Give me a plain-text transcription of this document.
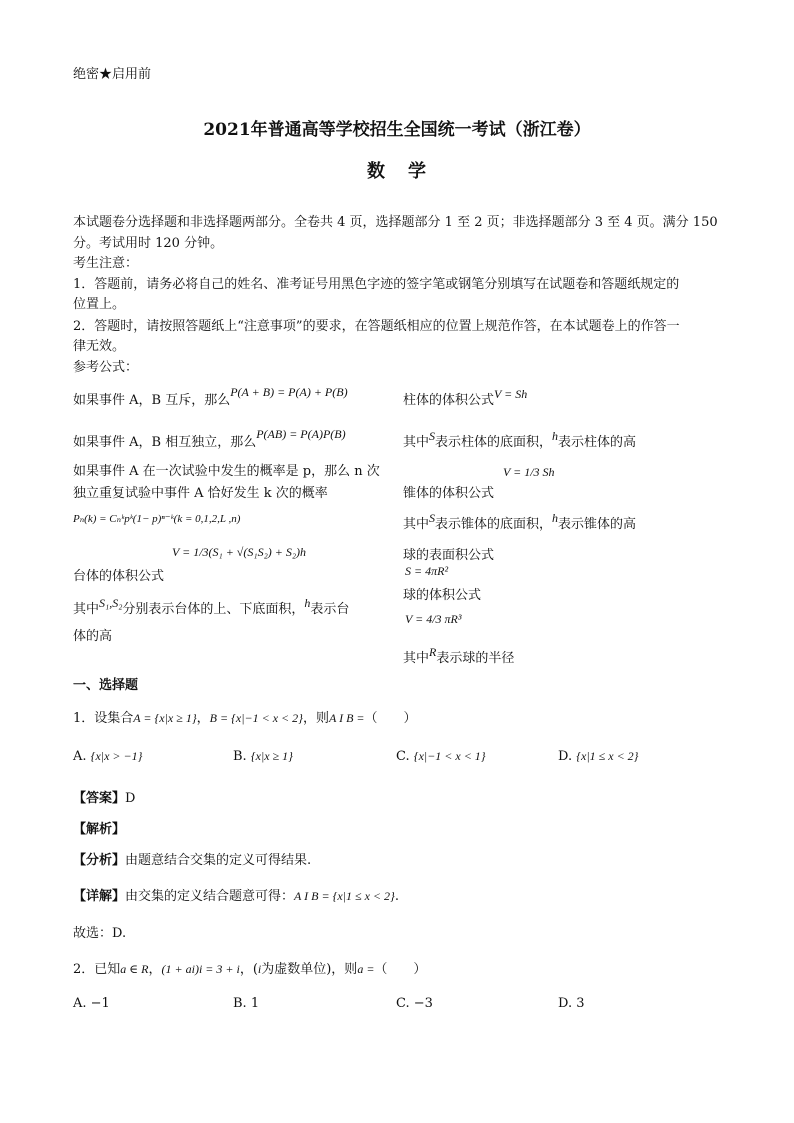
绝密★启用前
2021年普通高等学校招生全国统一考试（浙江卷）
数 学
本试题卷分选择题和非选择题两部分。全卷共 4 页，选择题部分 1 至 2 页；非选择题部分 3 至 4 页。满分 150
分。考试用时 120 分钟。
考生注意：
1．答题前，请务必将自己的姓名、准考证号用黑色字迹的签字笔或钢笔分别填写在试题卷和答题纸规定的
位置上。
2．答题时，请按照答题纸上“注意事项”的要求，在答题纸相应的位置上规范作答，在本试题卷上的作答一
律无效。
参考公式：
如果事件 A，B 互斥，那么P(A + B) = P(A) + P(B)
如果事件 A，B 相互独立，那么P(AB) = P(A)P(B)
如果事件 A 在一次试验中发生的概率是 p，那么 n 次
独立重复试验中事件 A 恰好发生 k 次的概率
Pₙ(k) = Cₙᵏpᵏ(1− p)ⁿ⁻ᵏ(k = 0,1,2,L ,n)
台体的体积公式
V = 1/3(S₁ + √(S₁S₂) + S₂)h
其中S₁,S₂分别表示台体的上、下底面积，h表示台
体的高
柱体的体积公式V = Sh
其中S表示柱体的底面积，h表示柱体的高
V = 1/3 Sh
锥体的体积公式
其中S表示锥体的底面积，h表示锥体的高
球的表面积公式
S = 4πR²
球的体积公式
V = 4/3 πR³
其中R表示球的半径
一、选择题
1．设集合A = {x|x ≥ 1}，B = {x|−1 < x < 2}，则A I B =（　　）
A. {x|x > −1}	B. {x|x ≥ 1}	C. {x|−1 < x < 1}	D. {x|1 ≤ x < 2}
【答案】D
【解析】
【分析】由题意结合交集的定义可得结果.
【详解】由交集的定义结合题意可得：A I B = {x|1 ≤ x < 2}.
故选：D.
2．已知a ∈ R，(1 + ai)i = 3 + i，(i为虚数单位)，则a =（　　）
A. −1	B. 1	C. −3	D. 3
